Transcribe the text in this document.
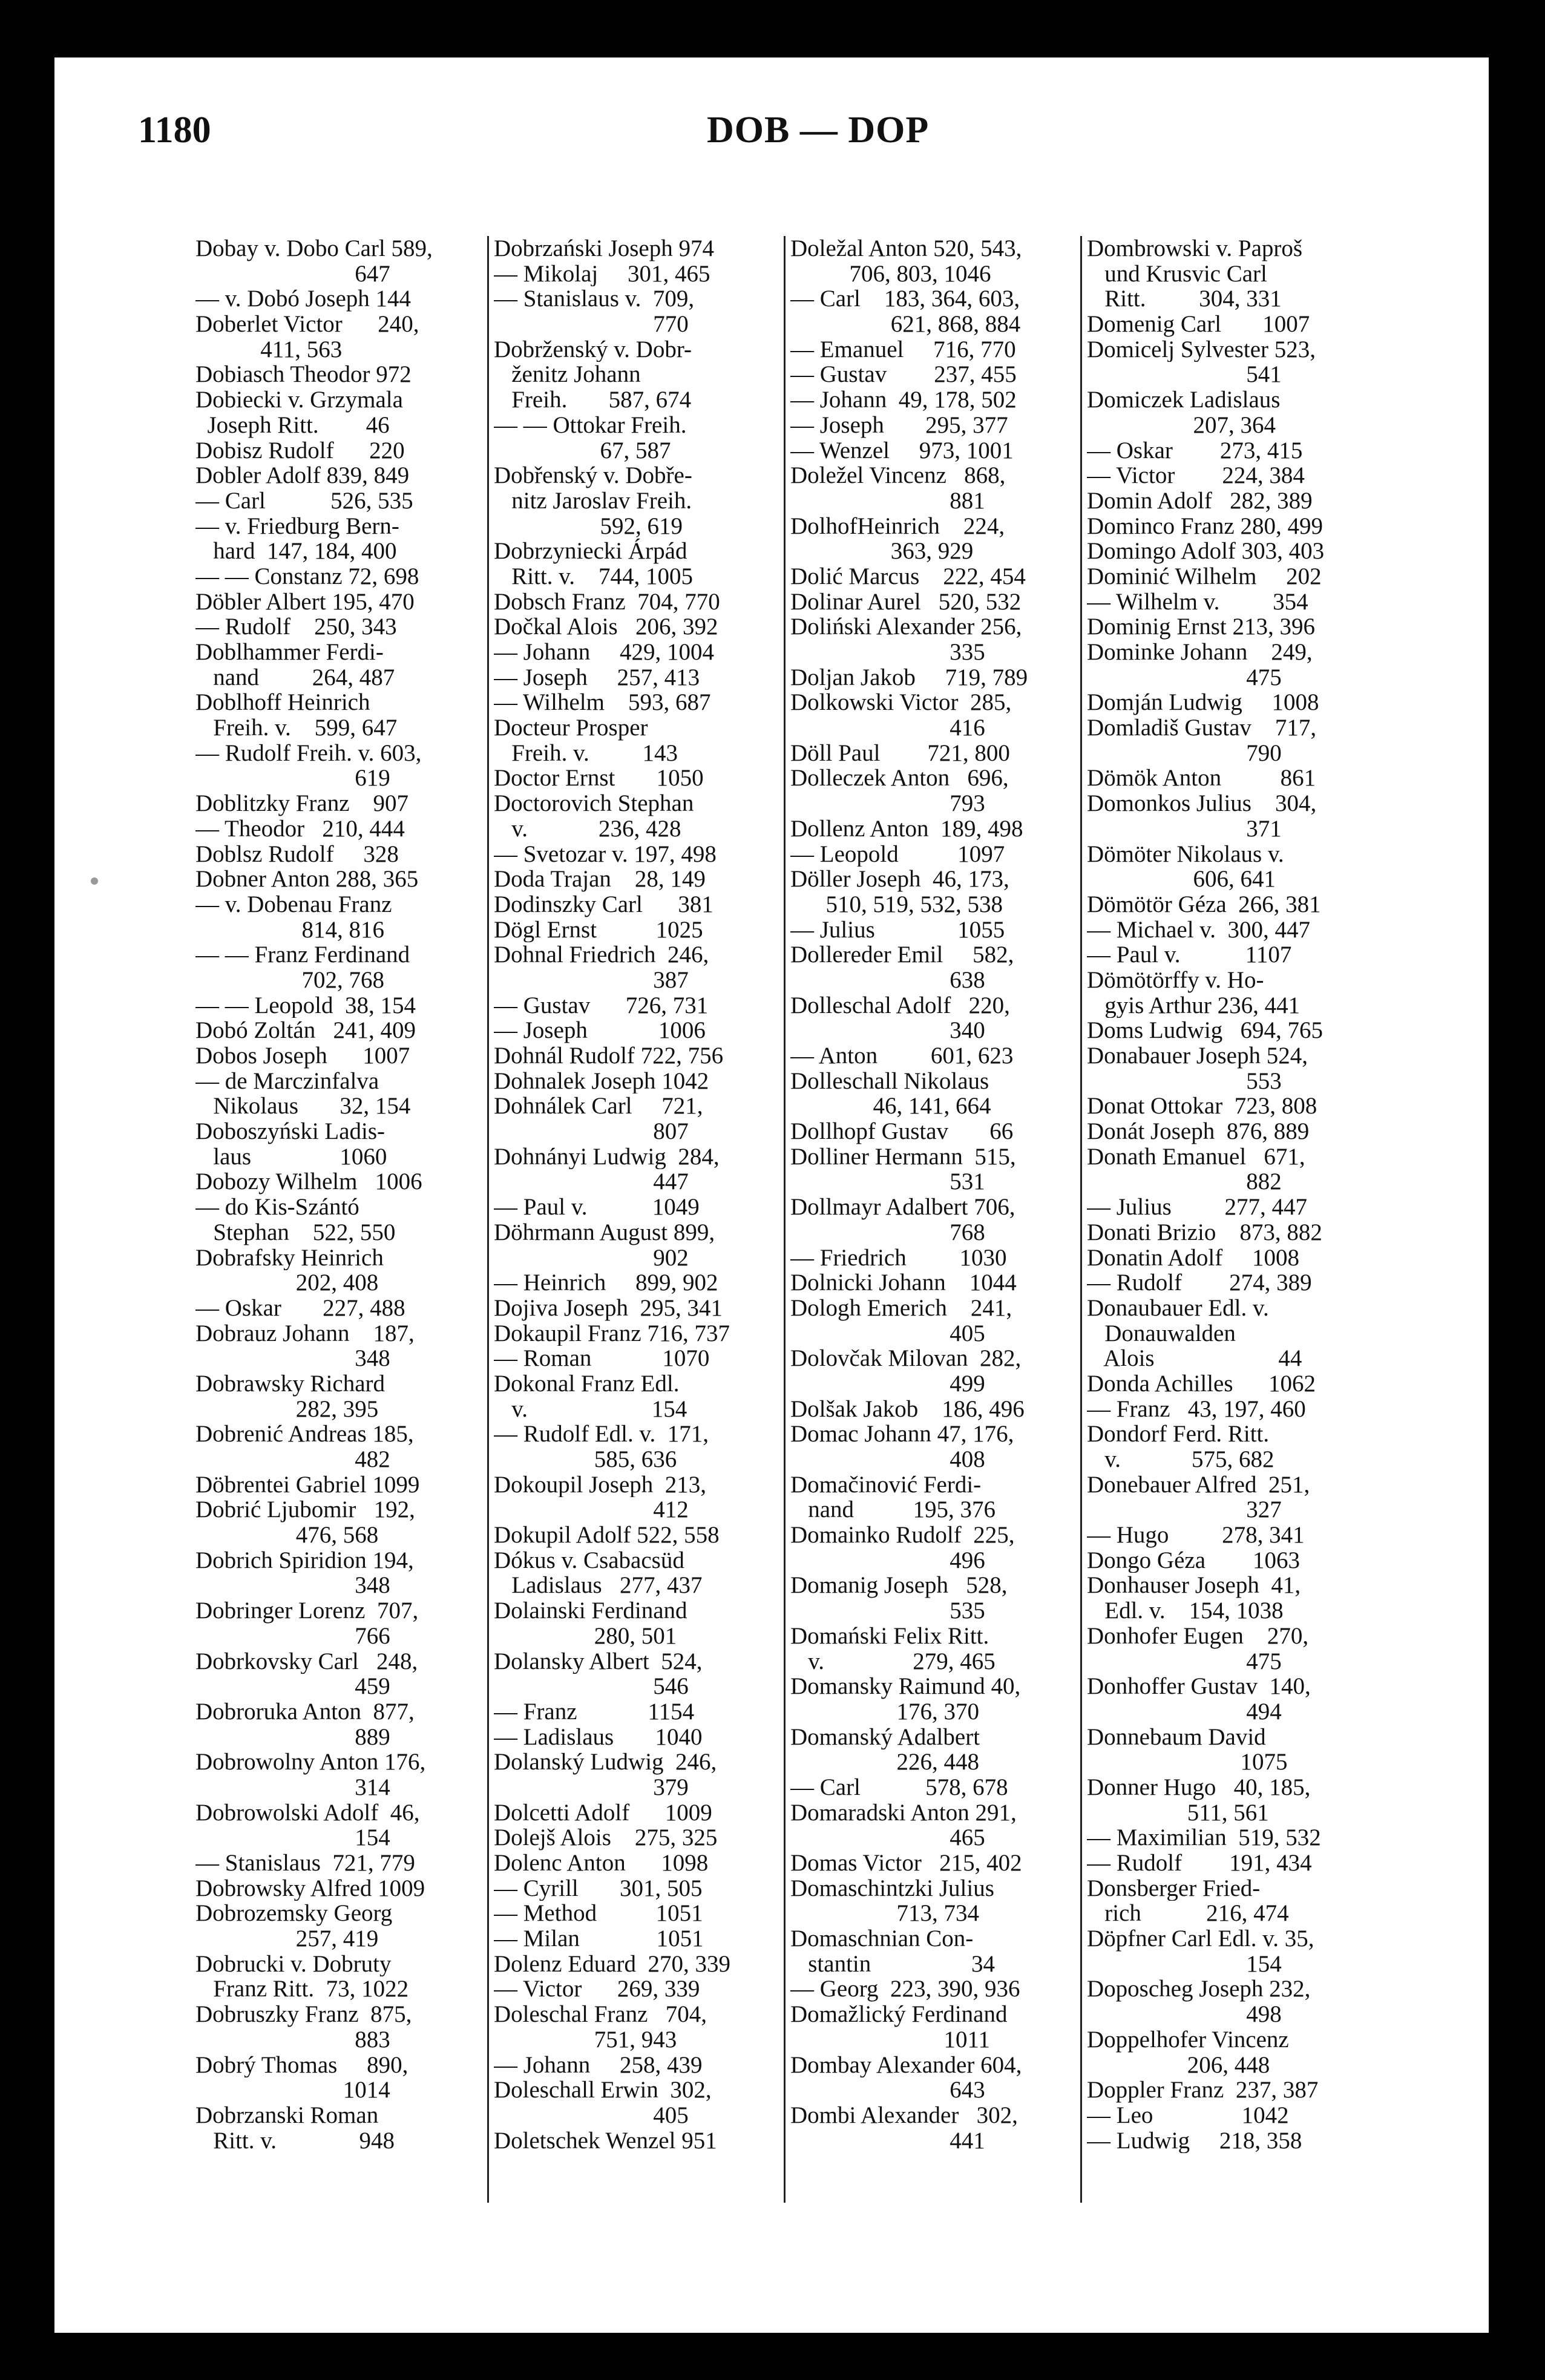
1180	DOB — DOP
Dobay v. Dobo Carl 589,
647
— v. Dobó Joseph 144
Doberlet Victor      240,
411, 563
Dobiasch Theodor 972
Dobiecki v. Grzymala
Joseph Ritt.        46
Dobisz Rudolf      220
Dobler Adolf 839, 849
— Carl           526, 535
— v. Friedburg Bern-
hard  147, 184, 400
— — Constanz 72, 698
Döbler Albert 195, 470
— Rudolf    250, 343
Doblhammer Ferdi-
nand         264, 487
Doblhoff Heinrich
Freih. v.    599, 647
— Rudolf Freih. v. 603,
619
Doblitzky Franz    907
— Theodor   210, 444
Doblsz Rudolf     328
Dobner Anton 288, 365
— v. Dobenau Franz
814, 816
— — Franz Ferdinand
702, 768
— — Leopold  38, 154
Dobó Zoltán   241, 409
Dobos Joseph      1007
— de Marczinfalva
Nikolaus       32, 154
Doboszyński Ladis-
laus               1060
Dobozy Wilhelm   1006
— do Kis-Szántó
Stephan    522, 550
Dobrafsky Heinrich
202, 408
— Oskar       227, 488
Dobrauz Johann    187,
348
Dobrawsky Richard
282, 395
Dobrenić Andreas 185,
482
Döbrentei Gabriel 1099
Dobrić Ljubomir   192,
476, 568
Dobrich Spiridion 194,
348
Dobringer Lorenz  707,
766
Dobrkovsky Carl   248,
459
Dobroruka Anton  877,
889
Dobrowolny Anton 176,
314
Dobrowolski Adolf  46,
154
— Stanislaus  721, 779
Dobrowsky Alfred 1009
Dobrozemsky Georg
257, 419
Dobrucki v. Dobruty
Franz Ritt.  73, 1022
Dobruszky Franz  875,
883
Dobrý Thomas     890,
1014
Dobrzanski Roman
Ritt. v.              948
Dobrzański Joseph 974
— Mikolaj     301, 465
— Stanislaus v.  709,
770
Dobrženský v. Dobr-
ženitz Johann
Freih.       587, 674
— — Ottokar Freih.
67, 587
Dobřenský v. Dobře-
nitz Jaroslav Freih.
592, 619
Dobrzyniecki Árpád
Ritt. v.    744, 1005
Dobsch Franz  704, 770
Dočkal Alois   206, 392
— Johann     429, 1004
— Joseph     257, 413
— Wilhelm    593, 687
Docteur Prosper
Freih. v.         143
Doctor Ernst       1050
Doctorovich Stephan
v.            236, 428
— Svetozar v. 197, 498
Doda Trajan    28, 149
Dodinszky Carl      381
Dögl Ernst          1025
Dohnal Friedrich  246,
387
— Gustav      726, 731
— Joseph            1006
Dohnál Rudolf 722, 756
Dohnalek Joseph 1042
Dohnálek Carl     721,
807
Dohnányi Ludwig  284,
447
— Paul v.           1049
Döhrmann August 899,
902
— Heinrich     899, 902
Dojiva Joseph  295, 341
Dokaupil Franz 716, 737
— Roman            1070
Dokonal Franz Edl.
v.                     154
— Rudolf Edl. v.  171,
585, 636
Dokoupil Joseph  213,
412
Dokupil Adolf 522, 558
Dókus v. Csabacsüd
Ladislaus   277, 437
Dolainski Ferdinand
280, 501
Dolansky Albert  524,
546
— Franz            1154
— Ladislaus       1040
Dolanský Ludwig  246,
379
Dolcetti Adolf      1009
Dolejš Alois    275, 325
Dolenc Anton      1098
— Cyrill       301, 505
— Method          1051
— Milan             1051
Dolenz Eduard  270, 339
— Victor      269, 339
Doleschal Franz   704,
751, 943
— Johann     258, 439
Doleschall Erwin  302,
405
Doletschek Wenzel 951
Doležal Anton 520, 543,
706, 803, 1046
— Carl    183, 364, 603,
621, 868, 884
— Emanuel     716, 770
— Gustav        237, 455
— Johann  49, 178, 502
— Joseph       295, 377
— Wenzel     973, 1001
Doležel Vincenz   868,
881
DolhofHeinrich    224,
363, 929
Dolić Marcus    222, 454
Dolinar Aurel   520, 532
Doliński Alexander 256,
335
Doljan Jakob     719, 789
Dolkowski Victor  285,
416
Döll Paul        721, 800
Dolleczek Anton   696,
793
Dollenz Anton  189, 498
— Leopold          1097
Döller Joseph  46, 173,
510, 519, 532, 538
— Julius              1055
Dollereder Emil     582,
638
Dolleschal Adolf   220,
340
— Anton         601, 623
Dolleschall Nikolaus
46, 141, 664
Dollhopf Gustav       66
Dolliner Hermann  515,
531
Dollmayr Adalbert 706,
768
— Friedrich         1030
Dolnicki Johann    1044
Dologh Emerich    241,
405
Dolovčak Milovan  282,
499
Dolšak Jakob    186, 496
Domac Johann 47, 176,
408
Domačinović Ferdi-
nand          195, 376
Domainko Rudolf  225,
496
Domanig Joseph   528,
535
Domański Felix Ritt.
v.               279, 465
Domansky Raimund 40,
176, 370
Domanský Adalbert
226, 448
— Carl           578, 678
Domaradski Anton 291,
465
Domas Victor   215, 402
Domaschintzki Julius
713, 734
Domaschnian Con-
stantin                 34
— Georg  223, 390, 936
Domažlický Ferdinand
1011
Dombay Alexander 604,
643
Dombi Alexander   302,
441
Dombrowski v. Paproš
und Krusvic Carl
Ritt.         304, 331
Domenig Carl       1007
Domicelj Sylvester 523,
541
Domiczek Ladislaus
207, 364
— Oskar        273, 415
— Victor        224, 384
Domin Adolf   282, 389
Dominco Franz 280, 499
Domingo Adolf 303, 403
Dominić Wilhelm     202
— Wilhelm v.         354
Dominig Ernst 213, 396
Dominke Johann    249,
475
Domján Ludwig     1008
Domladiš Gustav    717,
790
Dömök Anton          861
Domonkos Julius    304,
371
Dömöter Nikolaus v.
606, 641
Dömötör Géza  266, 381
— Michael v.  300, 447
— Paul v.           1107
Dömötörffy v. Ho-
gyis Arthur 236, 441
Doms Ludwig   694, 765
Donabauer Joseph 524,
553
Donat Ottokar  723, 808
Donát Joseph  876, 889
Donath Emanuel   671,
882
— Julius         277, 447
Donati Brizio    873, 882
Donatin Adolf     1008
— Rudolf        274, 389
Donaubauer Edl. v.
Donauwalden
Alois                     44
Donda Achilles      1062
— Franz   43, 197, 460
Dondorf Ferd. Ritt.
v.            575, 682
Donebauer Alfred  251,
327
— Hugo         278, 341
Dongo Géza        1063
Donhauser Joseph  41,
Edl. v.    154, 1038
Donhofer Eugen    270,
475
Donhoffer Gustav  140,
494
Donnebaum David
1075
Donner Hugo   40, 185,
511, 561
— Maximilian  519, 532
— Rudolf        191, 434
Donsberger Fried-
rich           216, 474
Döpfner Carl Edl. v. 35,
154
Doposcheg Joseph 232,
498
Doppelhofer Vincenz
206, 448
Doppler Franz  237, 387
— Leo               1042
— Ludwig     218, 358
